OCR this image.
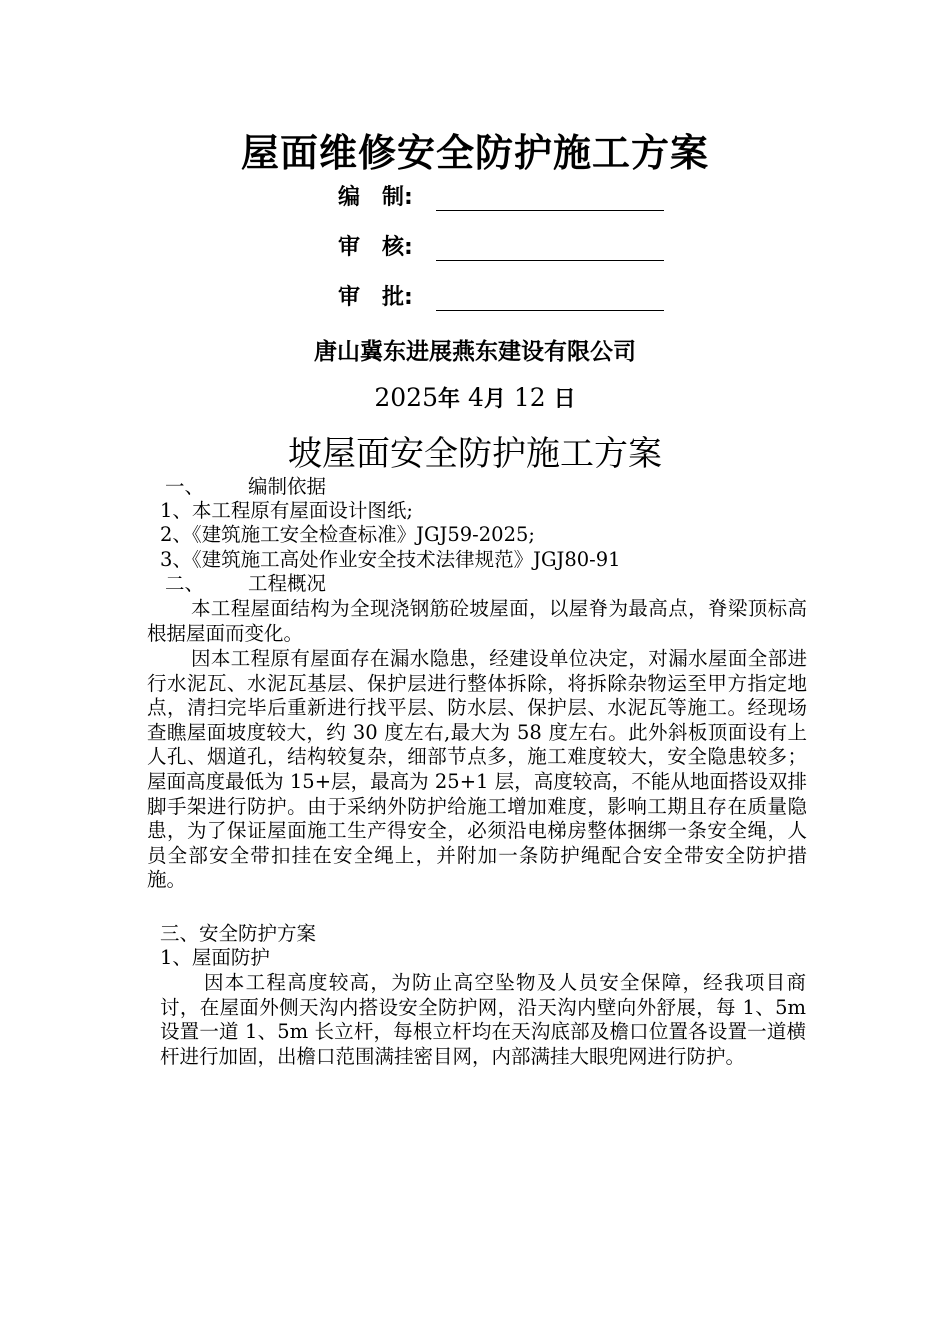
屋面维修安全防护施工方案
编 制:
审 核:
审 批:
唐山冀东进展燕东建设有限公司
2025年 4月 12 日
坡屋面安全防护施工方案
一、 编制依据
1、本工程原有屋面设计图纸;
2、《建筑施工安全检查标准》JGJ59-2025;
3、《建筑施工高处作业安全技术法律规范》JGJ80-91
二、 工程概况
本工程屋面结构为全现浇钢筋砼坡屋面，以屋脊为最高点，脊梁顶标高根据屋面而变化。
因本工程原有屋面存在漏水隐患，经建设单位决定，对漏水屋面全部进行水泥瓦、水泥瓦基层、保护层进行整体拆除，将拆除杂物运至甲方指定地点，清扫完毕后重新进行找平层、防水层、保护层、水泥瓦等施工。经现场查瞧屋面坡度较大，约 30 度左右,最大为 58 度左右。此外斜板顶面设有上人孔、烟道孔，结构较复杂，细部节点多，施工难度较大，安全隐患较多；屋面高度最低为 15+层，最高为 25+1 层，高度较高，不能从地面搭设双排脚手架进行防护。由于采纳外防护给施工增加难度，影响工期且存在质量隐患，为了保证屋面施工生产得安全，必须沿电梯房整体捆绑一条安全绳，人员全部安全带扣挂在安全绳上，并附加一条防护绳配合安全带安全防护措施。
三、安全防护方案
1、屋面防护
因本工程高度较高，为防止高空坠物及人员安全保障，经我项目商讨，在屋面外侧天沟内搭设安全防护网，沿天沟内壁向外舒展，每 1、5m 设置一道 1、5m 长立杆，每根立杆均在天沟底部及檐口位置各设置一道横杆进行加固，出檐口范围满挂密目网，内部满挂大眼兜网进行防护。
